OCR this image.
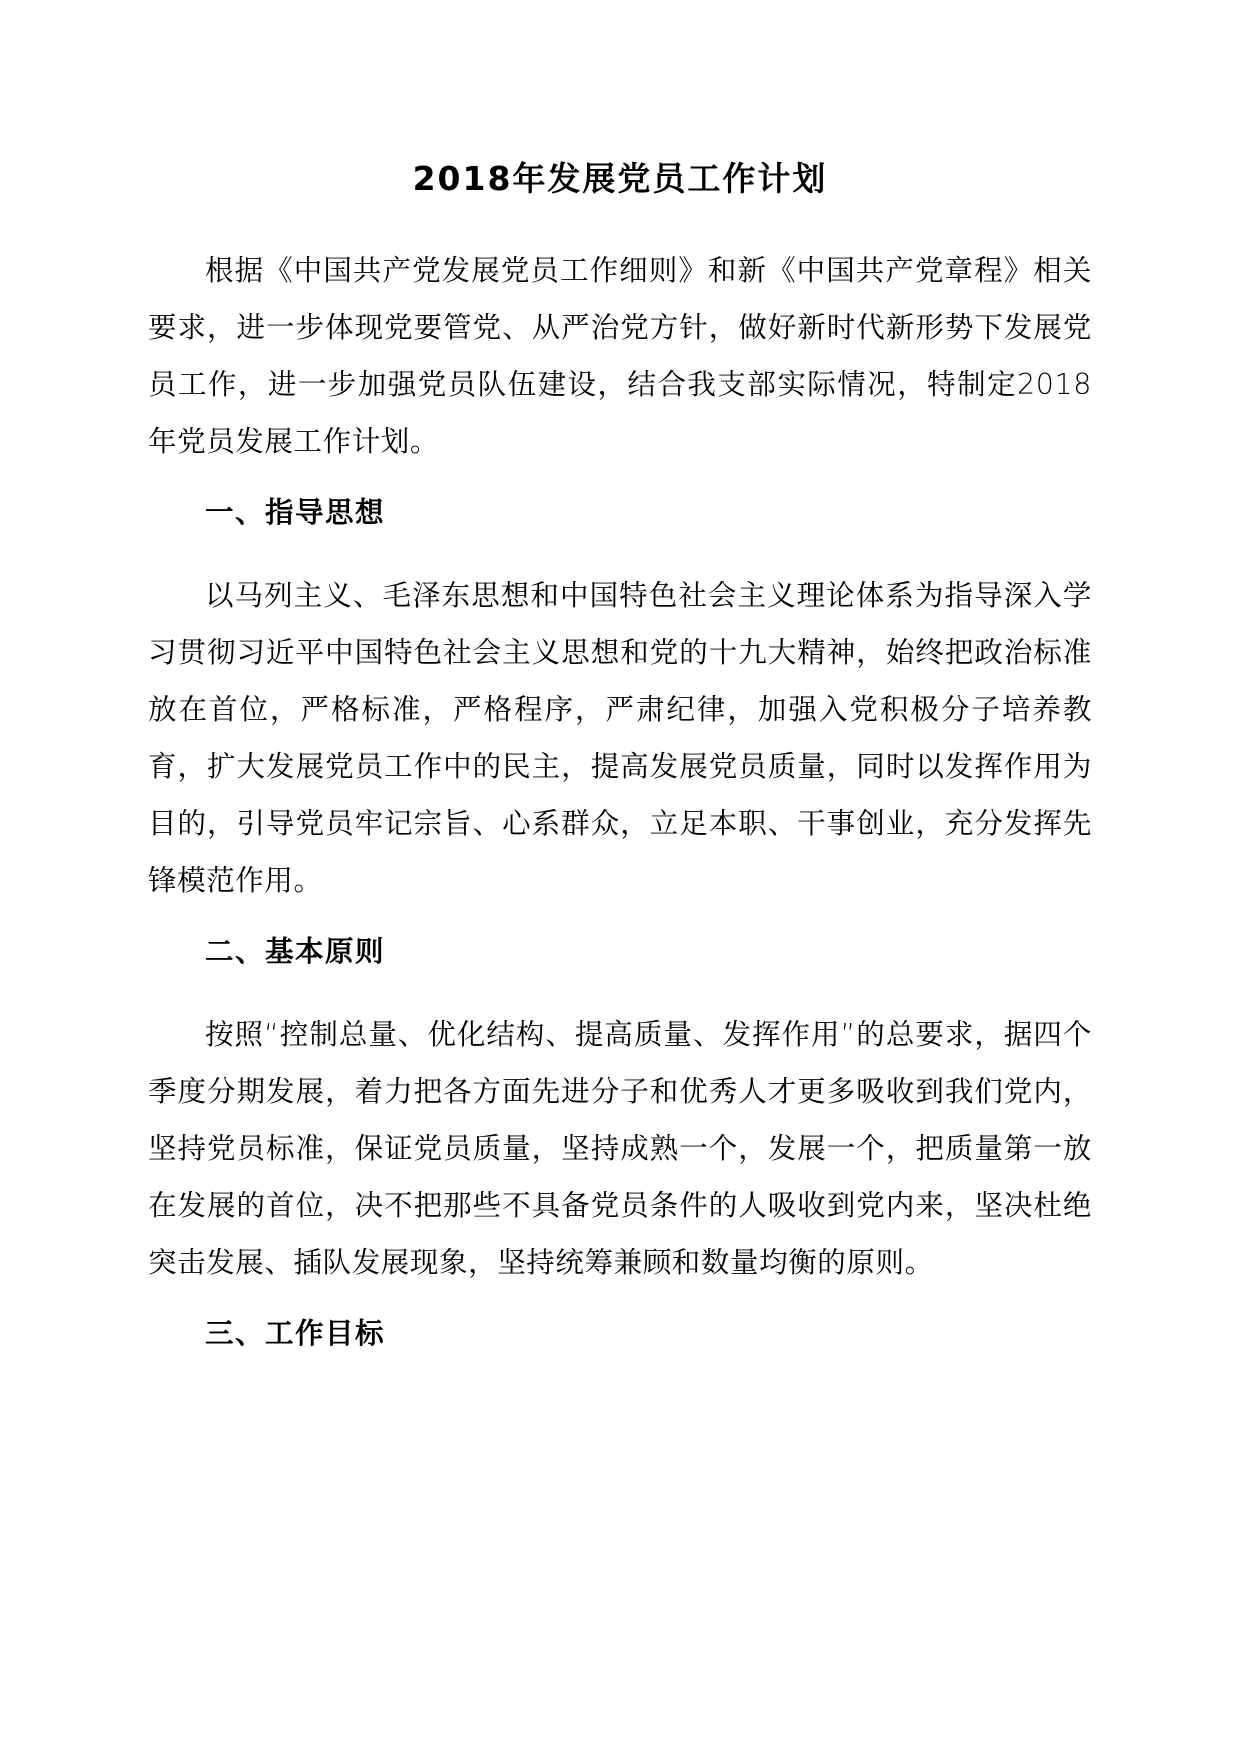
2018年发展党员工作计划

根据《中国共产党发展党员工作细则》和新《中国共产党章程》相关要求，进一步体现党要管党、从严治党方针，做好新时代新形势下发展党员工作，进一步加强党员队伍建设，结合我支部实际情况，特制定2018年党员发展工作计划。

一、指导思想

以马列主义、毛泽东思想和中国特色社会主义理论体系为指导深入学习贯彻习近平中国特色社会主义思想和党的十九大精神，始终把政治标准放在首位，严格标准，严格程序，严肃纪律，加强入党积极分子培养教育，扩大发展党员工作中的民主，提高发展党员质量，同时以发挥作用为目的，引导党员牢记宗旨、心系群众，立足本职、干事创业，充分发挥先锋模范作用。

二、基本原则

按照“控制总量、优化结构、提高质量、发挥作用”的总要求，据四个季度分期发展，着力把各方面先进分子和优秀人才更多吸收到我们党内，坚持党员标准，保证党员质量，坚持成熟一个，发展一个，把质量第一放在发展的首位，决不把那些不具备党员条件的人吸收到党内来，坚决杜绝突击发展、插队发展现象，坚持统筹兼顾和数量均衡的原则。

三、工作目标
